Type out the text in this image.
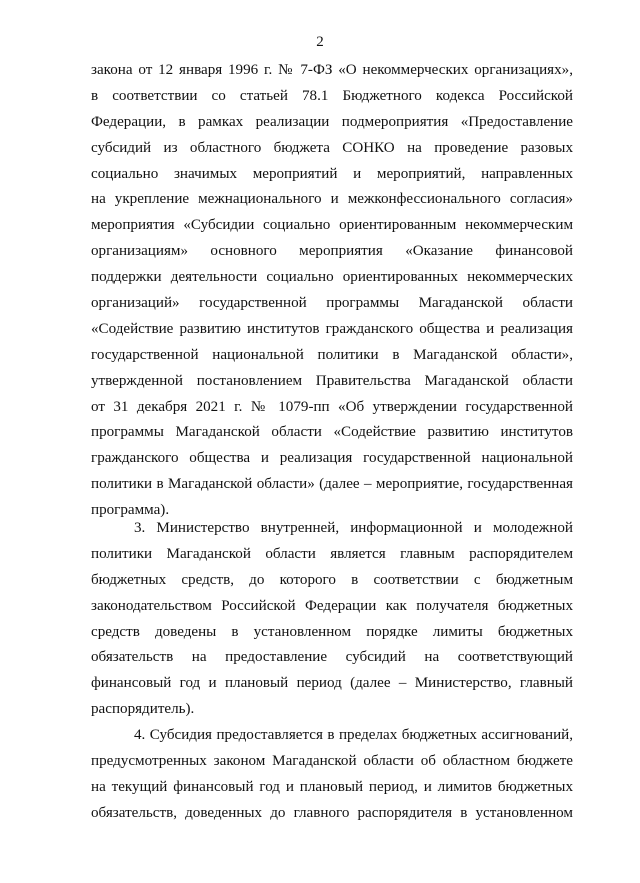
2
закона от 12 января 1996 г. № 7-ФЗ «О некоммерческих организациях»,
в соответствии со статьей 78.1 Бюджетного кодекса Российской
Федерации, в рамках реализации подмероприятия «Предоставление
субсидий из областного бюджета СОНКО на проведение разовых
социально значимых мероприятий и мероприятий, направленных
на укрепление межнационального и межконфессионального согласия»
мероприятия «Субсидии социально ориентированным некоммерческим
организациям» основного мероприятия «Оказание финансовой
поддержки деятельности социально ориентированных некоммерческих
организаций» государственной программы Магаданской области
«Содействие развитию институтов гражданского общества и реализация
государственной национальной политики в Магаданской области»,
утвержденной постановлением Правительства Магаданской области
от 31 декабря 2021 г. № 1079-пп «Об утверждении государственной
программы Магаданской области «Содействие развитию институтов
гражданского общества и реализация государственной национальной
политики в Магаданской области» (далее – мероприятие, государственная
программа).
3. Министерство внутренней, информационной и молодежной
политики Магаданской области является главным распорядителем
бюджетных средств, до которого в соответствии с бюджетным
законодательством Российской Федерации как получателя бюджетных
средств доведены в установленном порядке лимиты бюджетных
обязательств на предоставление субсидий на соответствующий
финансовый год и плановый период (далее – Министерство, главный
распорядитель).
4. Субсидия предоставляется в пределах бюджетных ассигнований,
предусмотренных законом Магаданской области об областном бюджете
на текущий финансовый год и плановый период, и лимитов бюджетных
обязательств, доведенных до главного распорядителя в установленном
